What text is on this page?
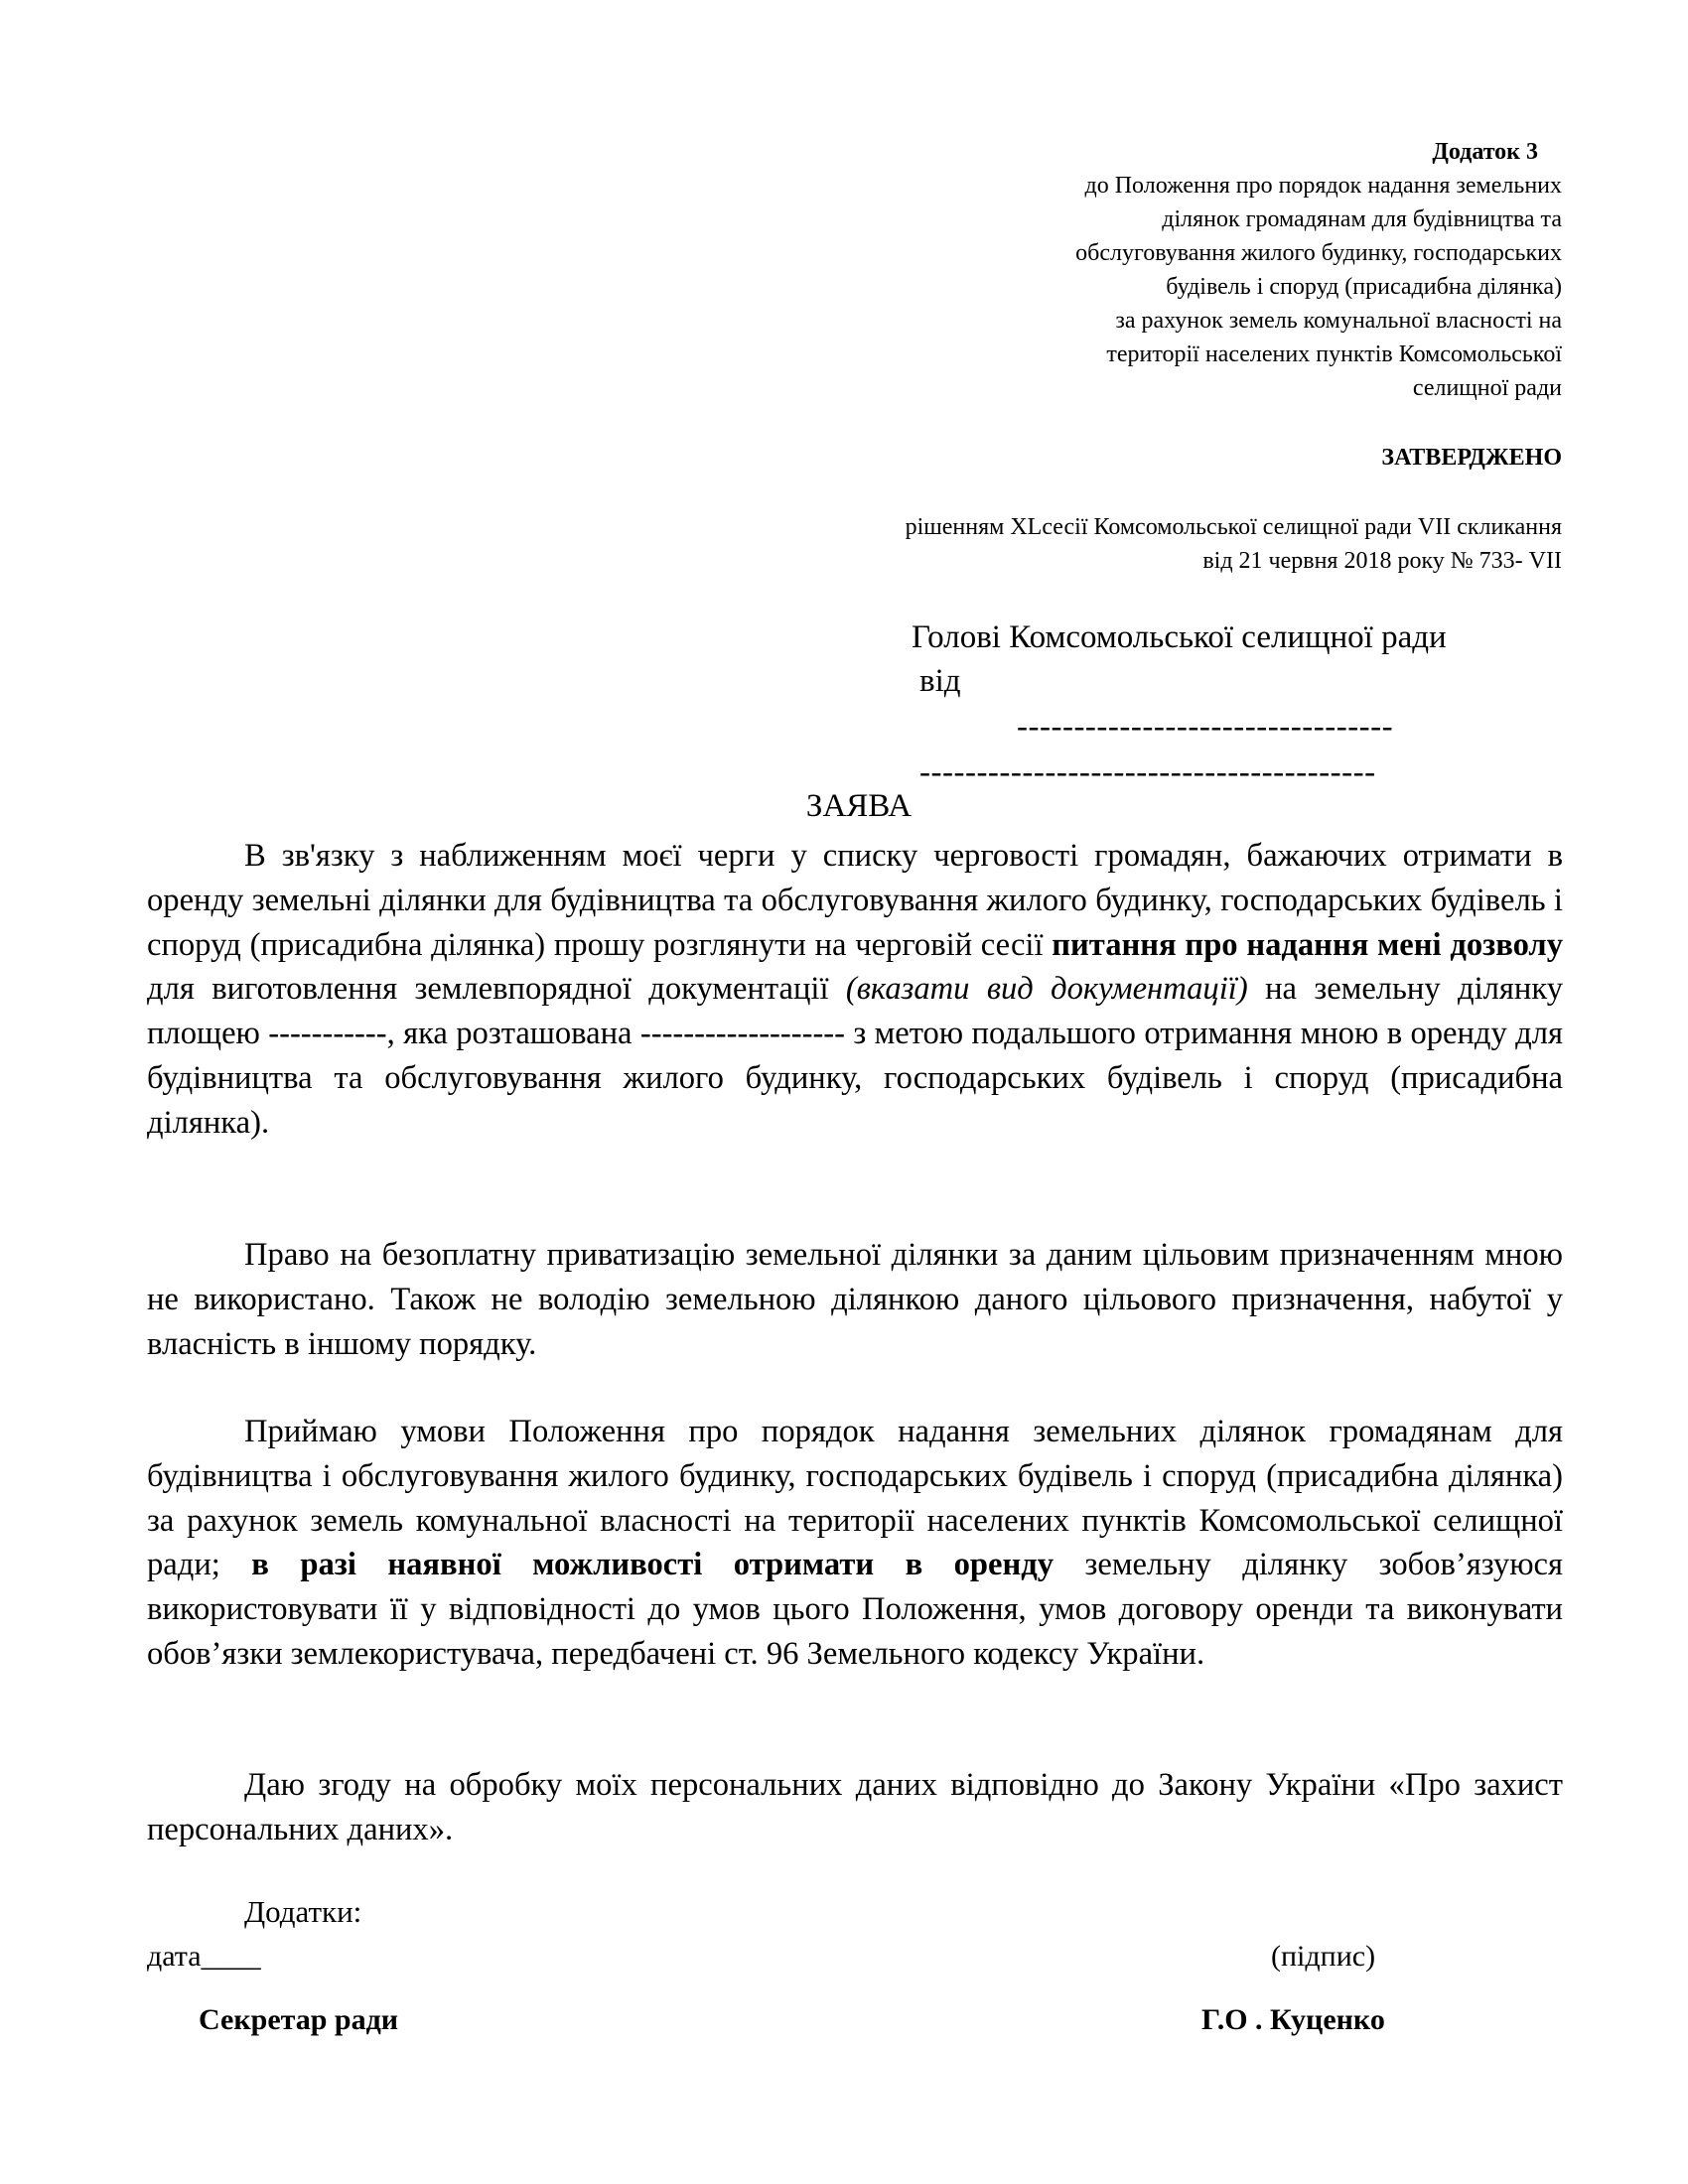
Додаток 3
до Положення про порядок надання земельних
ділянок громадянам для будівництва та
обслуговування жилого будинку, господарських
будівель і споруд (присадибна ділянка)
за рахунок земель комунальної власності на
території населених пунктів Комсомольської
селищної ради
ЗАТВЕРДЖЕНО
рішенням XLсесії Комсомольської селищної ради VII скликання
від 21 червня 2018 року № 733- VII
Голові Комсомольської селищної ради
від
---------------------------------
----------------------------------------
ЗАЯВА
В зв'язку з наближенням моєї черги у списку черговості громадян, бажаючих отримати в оренду земельні ділянки для будівництва та обслуговування жилого будинку, господарських будівель і споруд (присадибна ділянка) прошу розглянути на черговій сесії питання про надання мені дозволу для виготовлення землевпорядної документації (вказати вид документації) на земельну ділянку площею -----------, яка розташована ------------------- з метою подальшого отримання мною в оренду для будівництва та обслуговування жилого будинку, господарських будівель і споруд (присадибна ділянка).
Право на безоплатну приватизацію земельної ділянки за даним цільовим призначенням мною не використано. Також не володію земельною ділянкою даного цільового призначення, набутої у власність в іншому порядку.
Приймаю умови Положення про порядок надання земельних ділянок громадянам для будівництва і обслуговування жилого будинку, господарських будівель і споруд (присадибна ділянка) за рахунок земель комунальної власності на території населених пунктів Комсомольської селищної ради; в разі наявної можливості отримати в оренду земельну ділянку зобов’язуюся використовувати її у відповідності до умов цього Положення, умов договору оренди та виконувати обов’язки землекористувача, передбачені ст. 96 Земельного кодексу України.
Даю згоду на обробку моїх персональних даних відповідно до Закону України «Про захист персональних даних».
Додатки:
дата____	(підпис)
Секретар ради	Г.О . Куценко
